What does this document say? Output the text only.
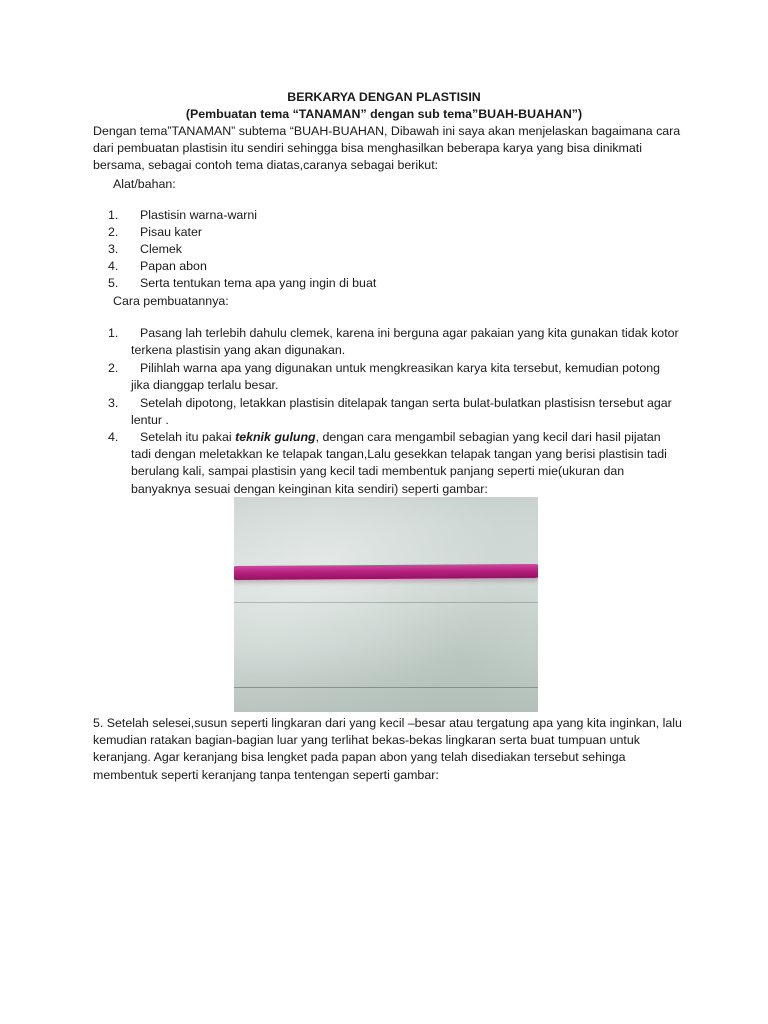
BERKARYA DENGAN PLASTISIN
(Pembuatan tema “TANAMAN” dengan sub tema”BUAH-BUAHAN”)
Dengan tema”TANAMAN” subtema “BUAH-BUAHAN, Dibawah ini saya akan menjelaskan bagaimana cara dari pembuatan plastisin itu sendiri sehingga bisa menghasilkan beberapa karya yang bisa dinikmati bersama, sebagai contoh tema diatas,caranya sebagai berikut:
Alat/bahan:
1. Plastisin warna-warni
2. Pisau kater
3. Clemek
4. Papan abon
5. Serta tentukan tema apa yang ingin di buat
Cara pembuatannya:
1.	Pasang lah terlebih dahulu clemek, karena ini berguna agar pakaian yang kita gunakan tidak kotor terkena plastisin yang akan digunakan.
2.	Pilihlah warna apa yang digunakan untuk mengkreasikan karya kita tersebut, kemudian potong jika dianggap terlalu besar.
3.	Setelah dipotong, letakkan plastisin ditelapak tangan serta bulat-bulatkan plastisisn tersebut agar lentur .
4.	Setelah itu pakai teknik gulung, dengan cara mengambil sebagian yang kecil dari hasil pijatan tadi dengan meletakkan ke telapak tangan,Lalu gesekkan telapak tangan yang berisi plastisin tadi berulang kali, sampai plastisin yang kecil tadi membentuk panjang seperti mie(ukuran dan banyaknya sesuai dengan keinginan kita sendiri) seperti gambar:
5. Setelah selesei,susun seperti lingkaran dari yang kecil –besar atau tergatung apa yang kita inginkan, lalu kemudian ratakan bagian-bagian luar yang terlihat bekas-bekas lingkaran serta buat tumpuan untuk keranjang. Agar keranjang bisa lengket pada papan abon yang telah disediakan tersebut sehinga membentuk seperti keranjang tanpa tentengan seperti gambar:
